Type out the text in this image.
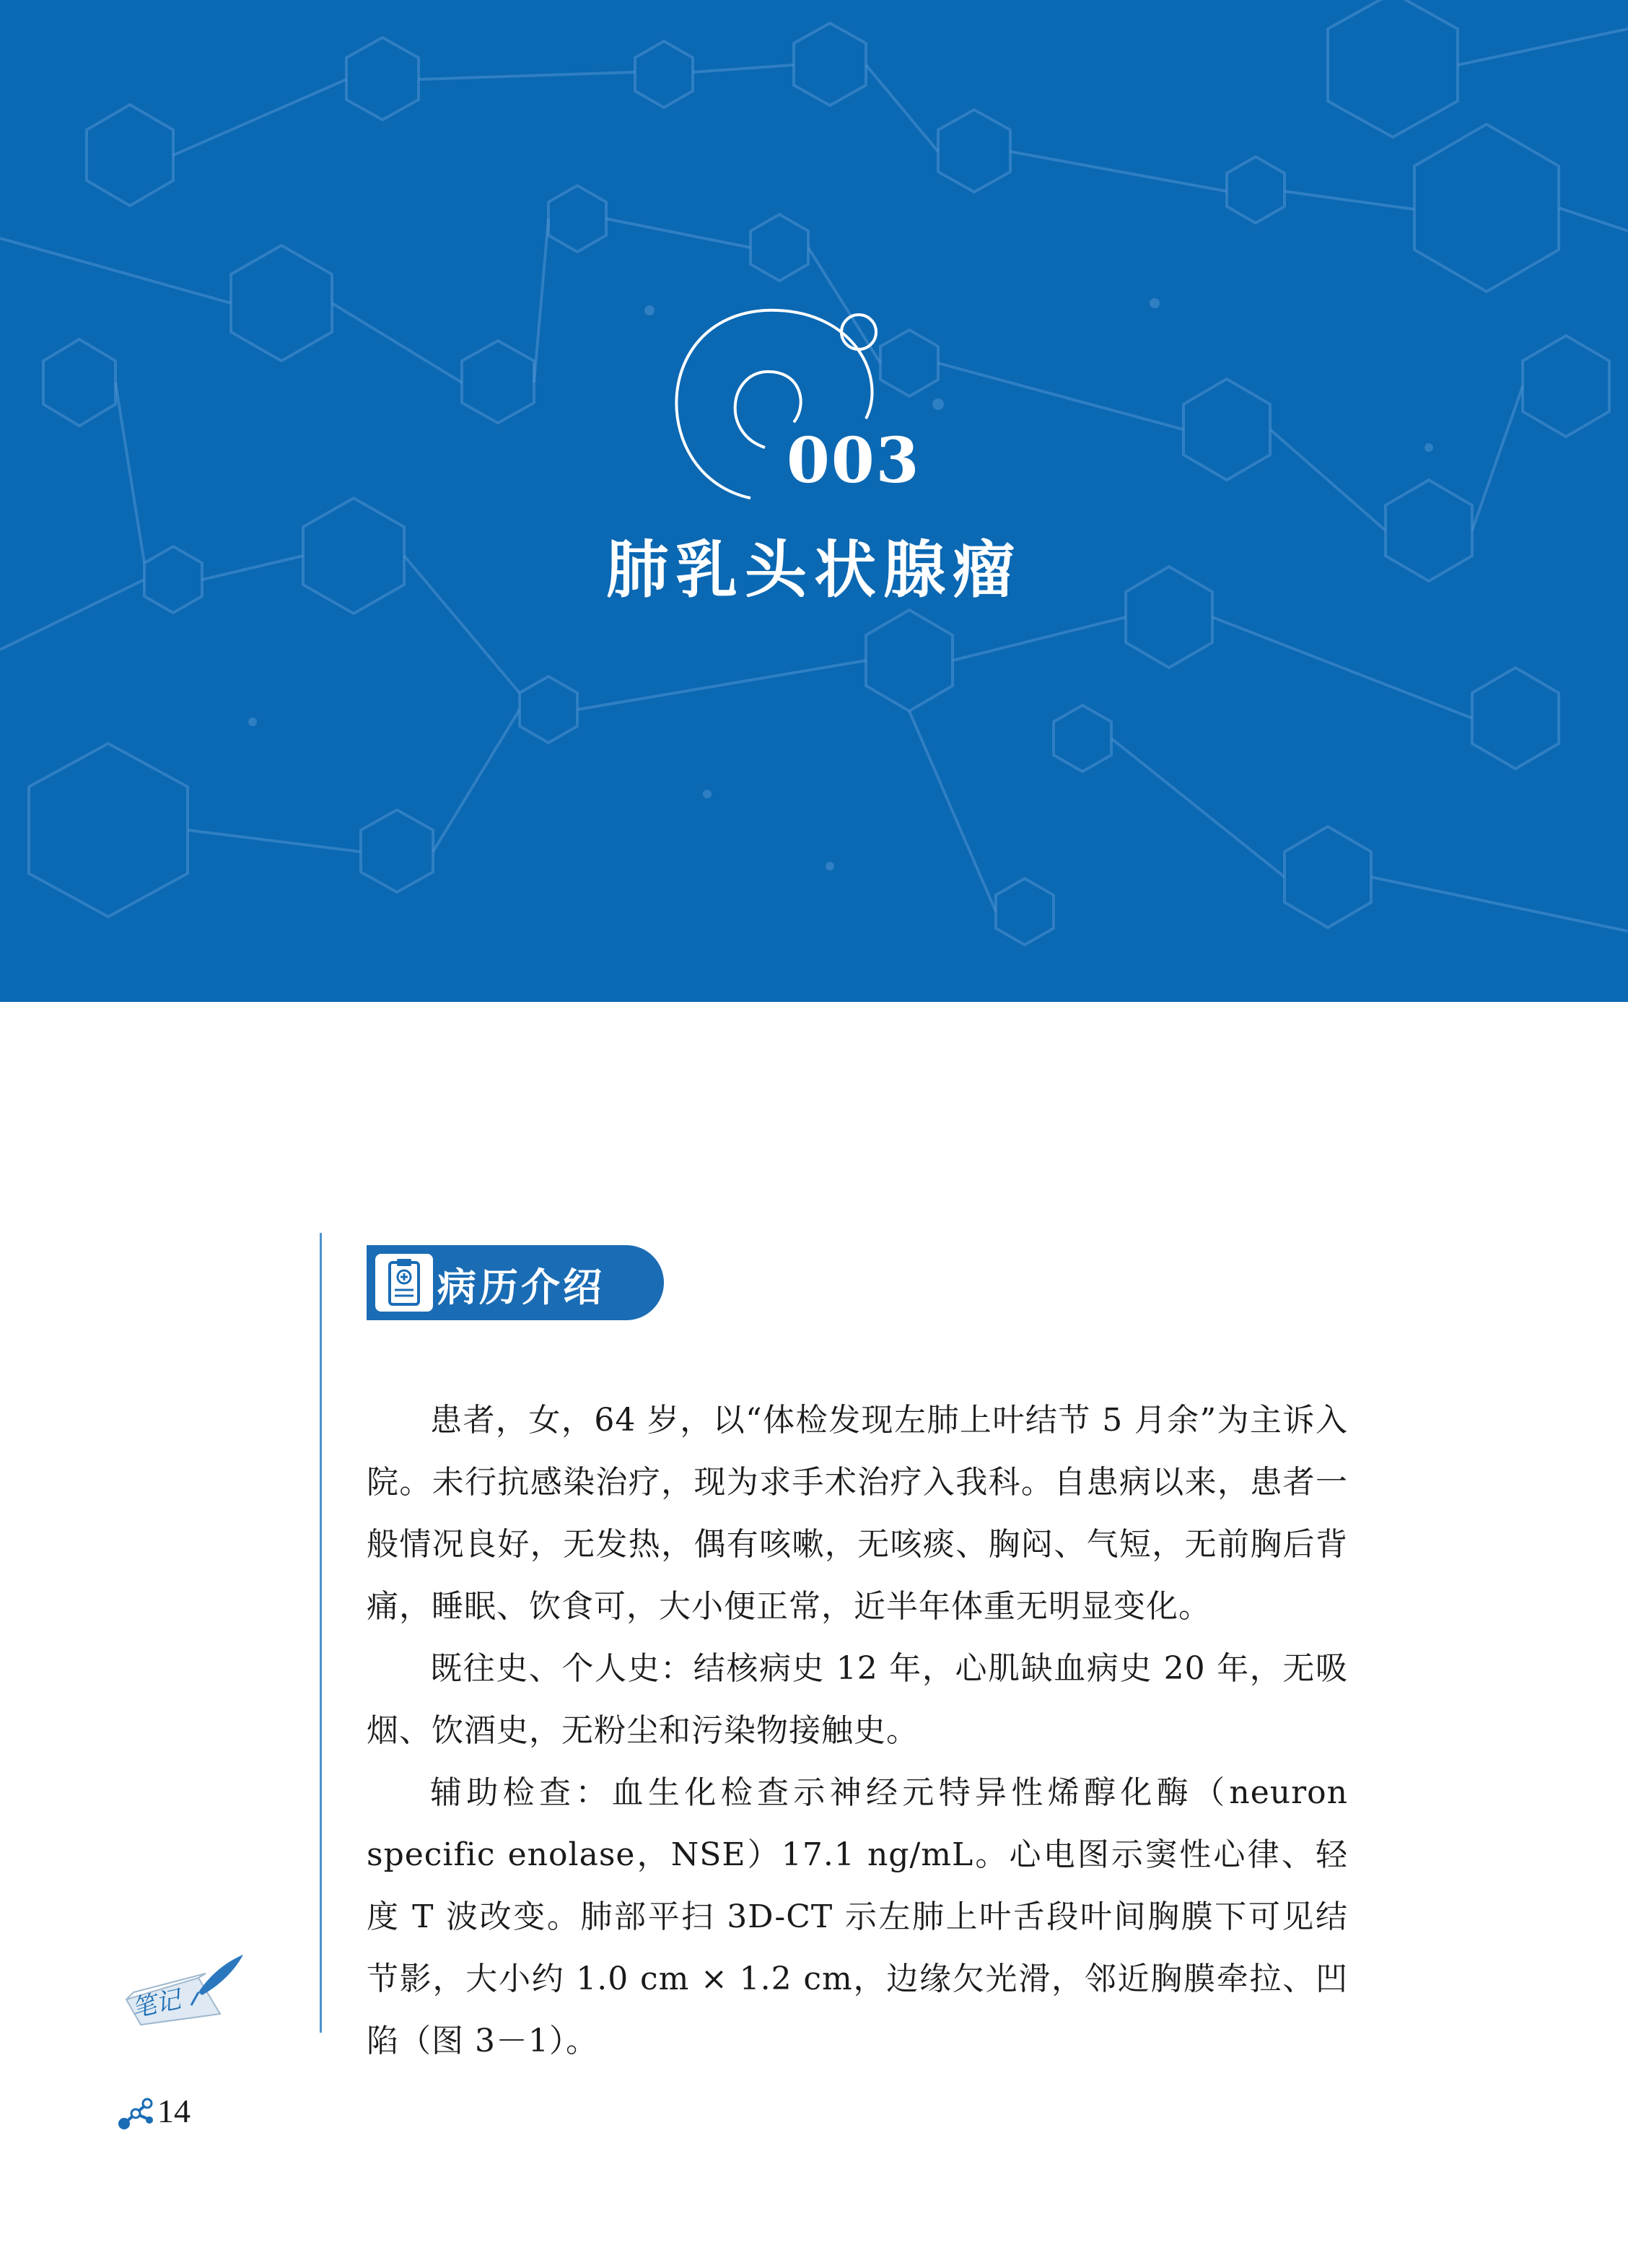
003
肺乳头状腺瘤
病历介绍

患者，女，64 岁，以“体检发现左肺上叶结节 5 月余”为主诉入院。未行抗感染治疗，现为求手术治疗入我科。自患病以来，患者一般情况良好，无发热，偶有咳嗽，无咳痰、胸闷、气短，无前胸后背痛，睡眠、饮食可，大小便正常，近半年体重无明显变化。

既往史、个人史：结核病史 12 年，心肌缺血病史 20 年，无吸烟、饮酒史，无粉尘和污染物接触史。

辅助检查：血生化检查示神经元特异性烯醇化酶（neuron specific enolase，NSE）17.1 ng/mL。心电图示窦性心律、轻度 T 波改变。肺部平扫 3D-CT 示左肺上叶舌段叶间胸膜下可见结节影，大小约 1.0 cm × 1.2 cm，边缘欠光滑，邻近胸膜牵拉、凹陷（图 3－1）。

笔记
14
